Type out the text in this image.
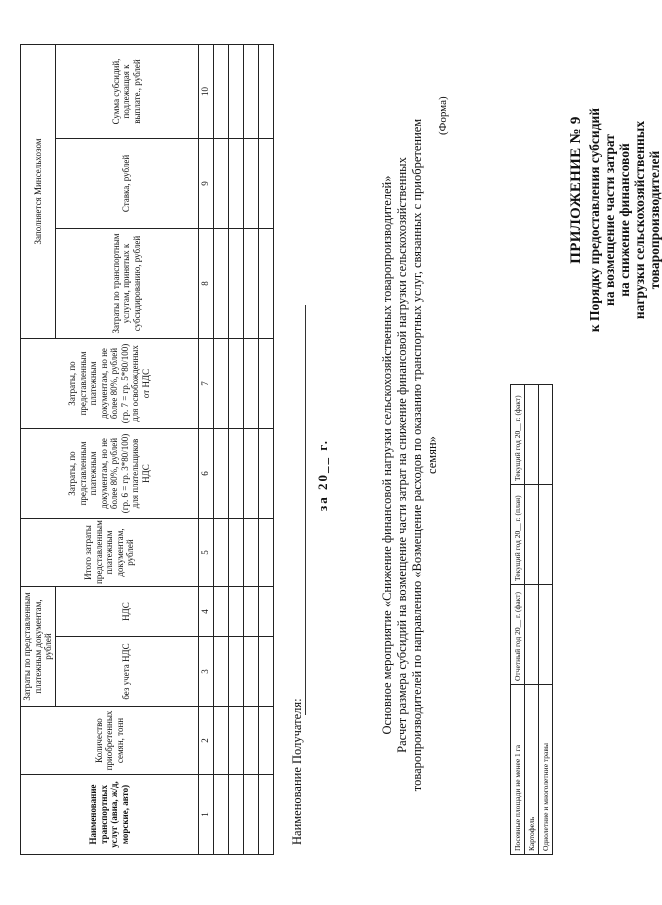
ПРИЛОЖЕНИЕ № 9 к Порядку предоставления субсидий на возмещение части затрат на снижение финансовой нагрузки сельскохозяйственных товаропроизводителей
(Форма)
Основное мероприятие «Снижение финансовой нагрузки сельскохозяйственных товаропроизводителей» Расчет размера субсидий на возмещение части затрат на снижение финансовой нагрузки сельскохозяйственных товаропроизводителей по направлению «Возмещение расходов по оказанию транспортных услуг, связанных с приобретением семян»
за 20__ г.
Наименование Получателя:
Наименование транспортных услуг (авиа, ж/д, морские, авто)	Количество приобретенных семян, тонн	Затраты по представленным платежным документам, рублей		Итого затраты представленным платежным документам, рублей	Затраты, по представленным платежным документам, но не более 80%, рублей (гр. 6 = гр. 3*80/100) для плательщиков НДС	Затраты, по представленным платежным документам, но не более 80%, рублей (гр. 7 = гр. 5*80/100) для освобожденных от НДС	Заполняется Минсельхозом		
		без учета НДС	НДС				Затраты по транспортным услугам, принятых к субсидированию, рублей	Ставка, рублей	Сумма субсидий, подлежащая к выплате., рублей
1	2	3	4	5	6	7	8	9	10

Посевные площади не менее 1 га	Отчетный год 20__ г. (факт)	Текущий год 20__ г. (план)	Текущий год 20__ г. (факт)
Картофель			
Однолетние и многолетние травы			
